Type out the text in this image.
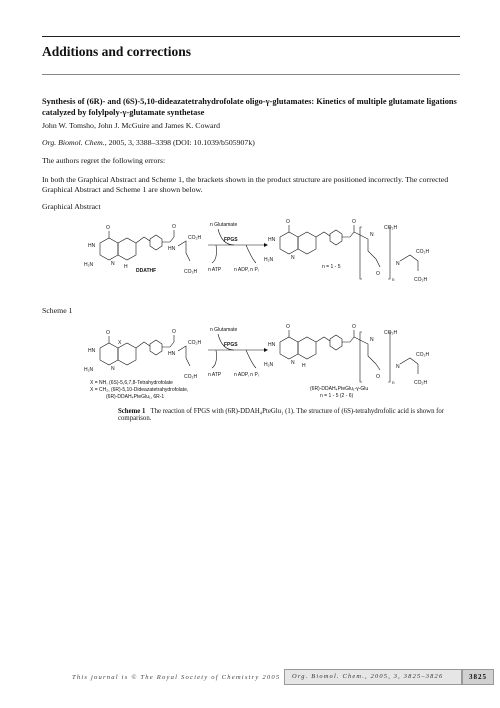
Additions and corrections
Synthesis of (6R)- and (6S)-5,10-dideazatetrahydrofolate oligo-γ-glutamates: Kinetics of multiple glutamate ligations catalyzed by folylpoly-γ-glutamate synthetase
John W. Tomsho, John J. McGuire and James K. Coward
Org. Biomol. Chem., 2005, 3, 3388–3398 (DOI: 10.1039/b505907k)
The authors regret the following errors:
In both the Graphical Abstract and Scheme 1, the brackets shown in the product structure are positioned incorrectly. The corrected Graphical Abstract and Scheme 1 are shown below.
Graphical Abstract
O
HN
H₂N	N H
O
HN
CO₂H
CO₂H
DDATHF
n Glutamate
FPGS
n ATP	n ADP, n Pᵢ
O
HN
H₂N	N
O
N
CO₂H
O
n
N
CO₂H
CO₂H
n = 1 - 5
Scheme 1
O
HN
H₂N	N
X
O
HN
CO₂H
CO₂H
X = NH, (6S)-5,6,7,8-Tetrahydrofolate
X = CH₂, (6R)-5,10-Dideazatetrahydrofolate,
(6R)-DDAH₄PteGlu₁, 6R-1
n Glutamate
FPGS
n ATP	n ADP, n Pᵢ
O
HN
H₂N	N H
O
N
CO₂H
O
n
N
CO₂H
CO₂H
(6R)-DDAH₄PteGlu₁-γ-Glu
n = 1 - 5 (2 - 6)
Scheme 1 The reaction of FPGS with (6R)-DDAH₄PteGlu₁ (1). The structure of (6S)-tetrahydrofolic acid is shown for comparison.
This journal is © The Royal Society of Chemistry 2005 Org. Biomol. Chem., 2005, 3, 3825–3826	3825
